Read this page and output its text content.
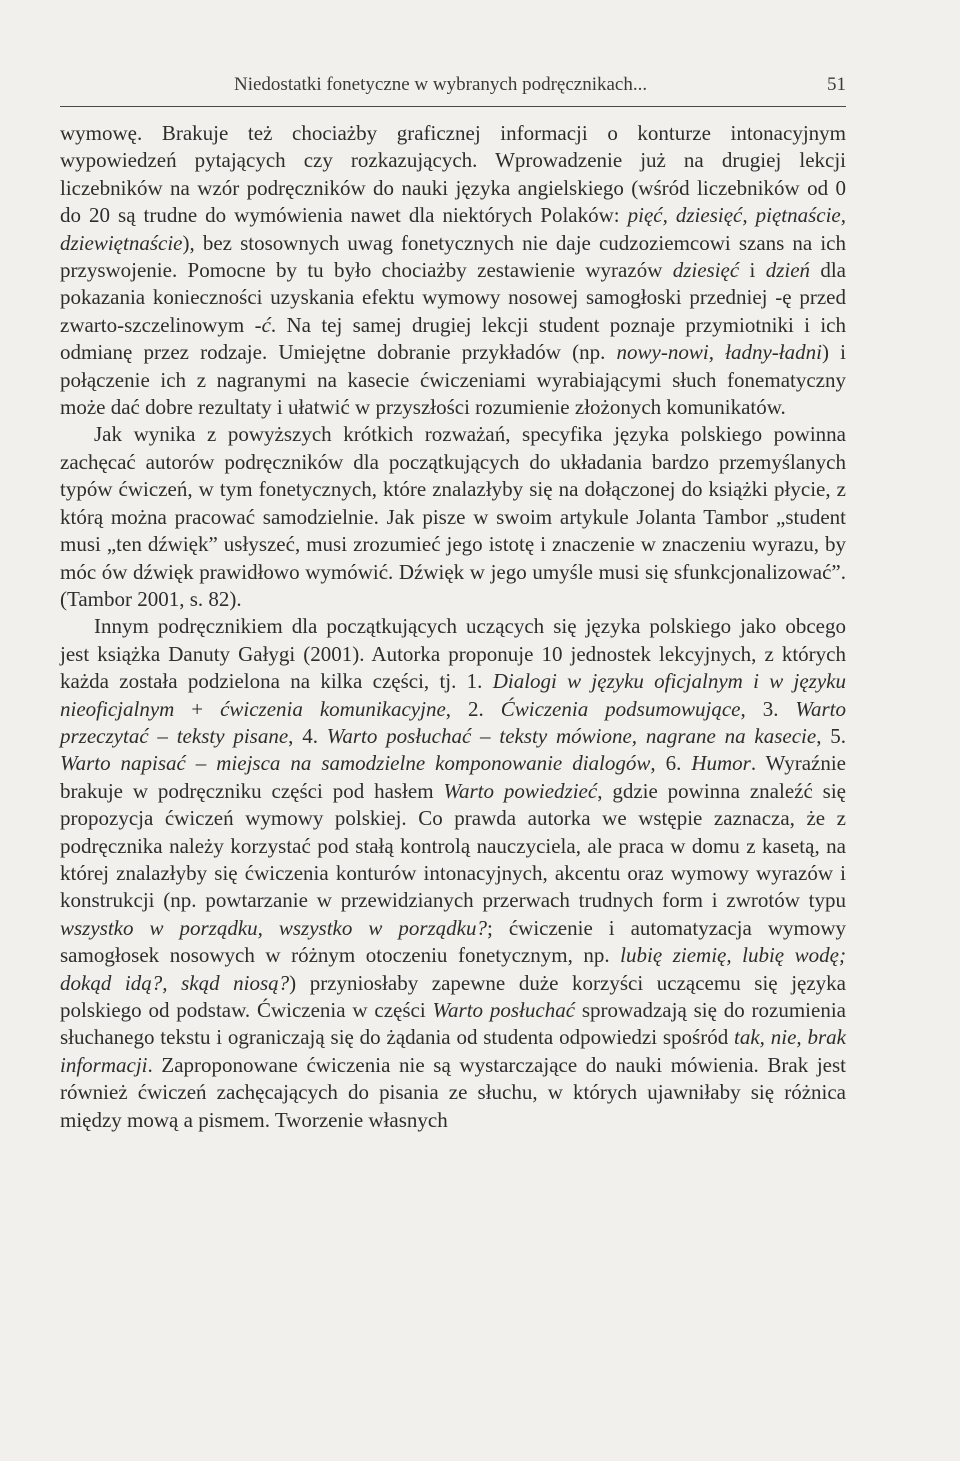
Niedostatki fonetyczne w wybranych podręcznikach...	51

wymowę. Brakuje też chociażby graficznej informacji o konturze intonacyjnym wypowiedzeń pytających czy rozkazujących. Wprowadzenie już na drugiej lekcji liczebników na wzór podręczników do nauki języka angielskiego (wśród liczebników od 0 do 20 są trudne do wymówienia nawet dla niektórych Polaków: pięć, dziesięć, piętnaście, dziewiętnaście), bez stosownych uwag fonetycznych nie daje cudzoziemcowi szans na ich przyswojenie. Pomocne by tu było chociażby zestawienie wyrazów dziesięć i dzień dla pokazania konieczności uzyskania efektu wymowy nosowej samogłoski przedniej -ę przed zwarto-szczelinowym -ć. Na tej samej drugiej lekcji student poznaje przymiotniki i ich odmianę przez rodzaje. Umiejętne dobranie przykładów (np. nowy-nowi, ładny-ładni) i połączenie ich z nagranymi na kasecie ćwiczeniami wyrabiającymi słuch fonematyczny może dać dobre rezultaty i ułatwić w przyszłości rozumienie złożonych komunikatów.

Jak wynika z powyższych krótkich rozważań, specyfika języka polskiego powinna zachęcać autorów podręczników dla początkujących do układania bardzo przemyślanych typów ćwiczeń, w tym fonetycznych, które znalazłyby się na dołączonej do książki płycie, z którą można pracować samodzielnie. Jak pisze w swoim artykule Jolanta Tambor „student musi „ten dźwięk” usłyszeć, musi zrozumieć jego istotę i znaczenie w znaczeniu wyrazu, by móc ów dźwięk prawidłowo wymówić. Dźwięk w jego umyśle musi się sfunkcjonalizować”. (Tambor 2001, s. 82).

Innym podręcznikiem dla początkujących uczących się języka polskiego jako obcego jest książka Danuty Gałygi (2001). Autorka proponuje 10 jednostek lekcyjnych, z których każda została podzielona na kilka części, tj. 1. Dialogi w języku oficjalnym i w języku nieoficjalnym + ćwiczenia komunikacyjne, 2. Ćwiczenia podsumowujące, 3. Warto przeczytać – teksty pisane, 4. Warto posłuchać – teksty mówione, nagrane na kasecie, 5. Warto napisać – miejsca na samodzielne komponowanie dialogów, 6. Humor. Wyraźnie brakuje w podręczniku części pod hasłem Warto powiedzieć, gdzie powinna znaleźć się propozycja ćwiczeń wymowy polskiej. Co prawda autorka we wstępie zaznacza, że z podręcznika należy korzystać pod stałą kontrolą nauczyciela, ale praca w domu z kasetą, na której znalazłyby się ćwiczenia konturów intonacyjnych, akcentu oraz wymowy wyrazów i konstrukcji (np. powtarzanie w przewidzianych przerwach trudnych form i zwrotów typu wszystko w porządku, wszystko w porządku?; ćwiczenie i automatyzacja wymowy samogłosek nosowych w różnym otoczeniu fonetycznym, np. lubię ziemię, lubię wodę; dokąd idą?, skąd niosą?) przyniosłaby zapewne duże korzyści uczącemu się języka polskiego od podstaw. Ćwiczenia w części Warto posłuchać sprowadzają się do rozumienia słuchanego tekstu i ograniczają się do żądania od studenta odpowiedzi spośród tak, nie, brak informacji. Zaproponowane ćwiczenia nie są wystarczające do nauki mówienia. Brak jest również ćwiczeń zachęcających do pisania ze słuchu, w których ujawniłaby się różnica między mową a pismem. Tworzenie własnych
